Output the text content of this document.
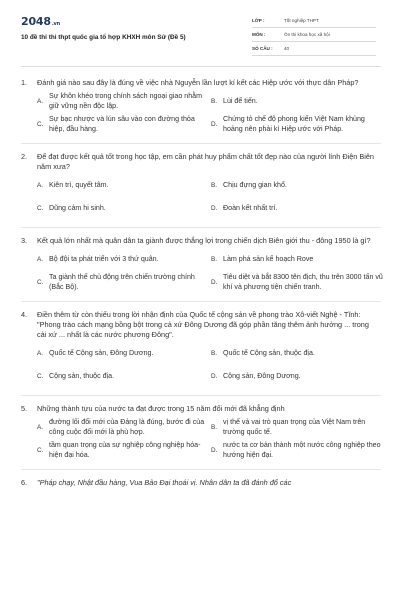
2048.vn
10 đề thi thi thpt quốc gia tổ hợp KHXH môn Sử (Đề 5)
LỚP :	Tốt nghiệp THPT
MÔN :	Ôn thi khoa học xã hội
SỐ CÂU :	40
1.	Đánh giá nào sau đây là đúng về việc nhà Nguyễn lần lượt kí kết các Hiệp ước với thực dân Pháp?
A.
Sự khôn khéo trong chính sách ngoại giao nhằm giữ vững nền độc lập.
B. Lùi để tiến.
C.
Sự bạc nhược và lún sâu vào con đường thỏa hiệp, đầu hàng.
D.
Chứng tỏ chế độ phong kiến Việt Nam khủng hoảng nên phải kí Hiệp ước với Pháp.
2.	Để đạt được kết quả tốt trong học tập, em cần phát huy phẩm chất tốt đẹp nào của người lính Điện Biên năm xưa?
A. Kiên trì, quyết tâm.	B. Chịu đựng gian khổ.
C. Dũng cảm hi sinh.	D. Đoàn kết nhất trí.
3.	Kết quả lớn nhất mà quân dân ta giành được thắng lợi trong chiến dịch Biên giới thu - đông 1950 là gì?
A. Bộ đội ta phát triển với 3 thứ quân.	B. Làm phá sản kế hoạch Rove
C.
Ta giành thế chủ động trên chiến trường chính (Bắc Bộ).
D.
Tiêu diệt và bắt 8300 tên địch, thu trên 3000 tấn vũ khí và phương tiện chiến tranh.
4.	Điền thêm từ còn thiếu trong lời nhận định của Quốc tế cộng sản về phong trào Xô-viết Nghệ - Tĩnh: "Phong trào cách mạng bồng bột trong cả xứ Đông Dương đã góp phần tăng thêm ảnh hưởng ... trong cải xứ ... nhất là các nước phương Đông".
A. Quốc tế Cộng sản, Đông Dương.	B. Quốc tế Cộng sản, thuộc địa.
C. Cộng sản, thuộc địa.	D. Cộng sản, Đông Dương.
5.	Những thành tựu của nước ta đạt được trong 15 năm đổi mới đã khẳng định
A.
đường lối đổi mới của Đảng là đúng, bước đi của công cuộc đổi mới là phù hợp.
B.
vị thế và vai trò quan trọng của Việt Nam trên trường quốc tế.
C.
tầm quan trọng của sự nghiệp công nghiệp hóa-hiện đại hóa.
D.
nước ta cơ bản thành một nước công nghiệp theo hướng hiện đại.
6.	"Pháp chạy, Nhật đầu hàng, Vua Bảo Đại thoái vị. Nhân dân ta đã đánh đổ các
